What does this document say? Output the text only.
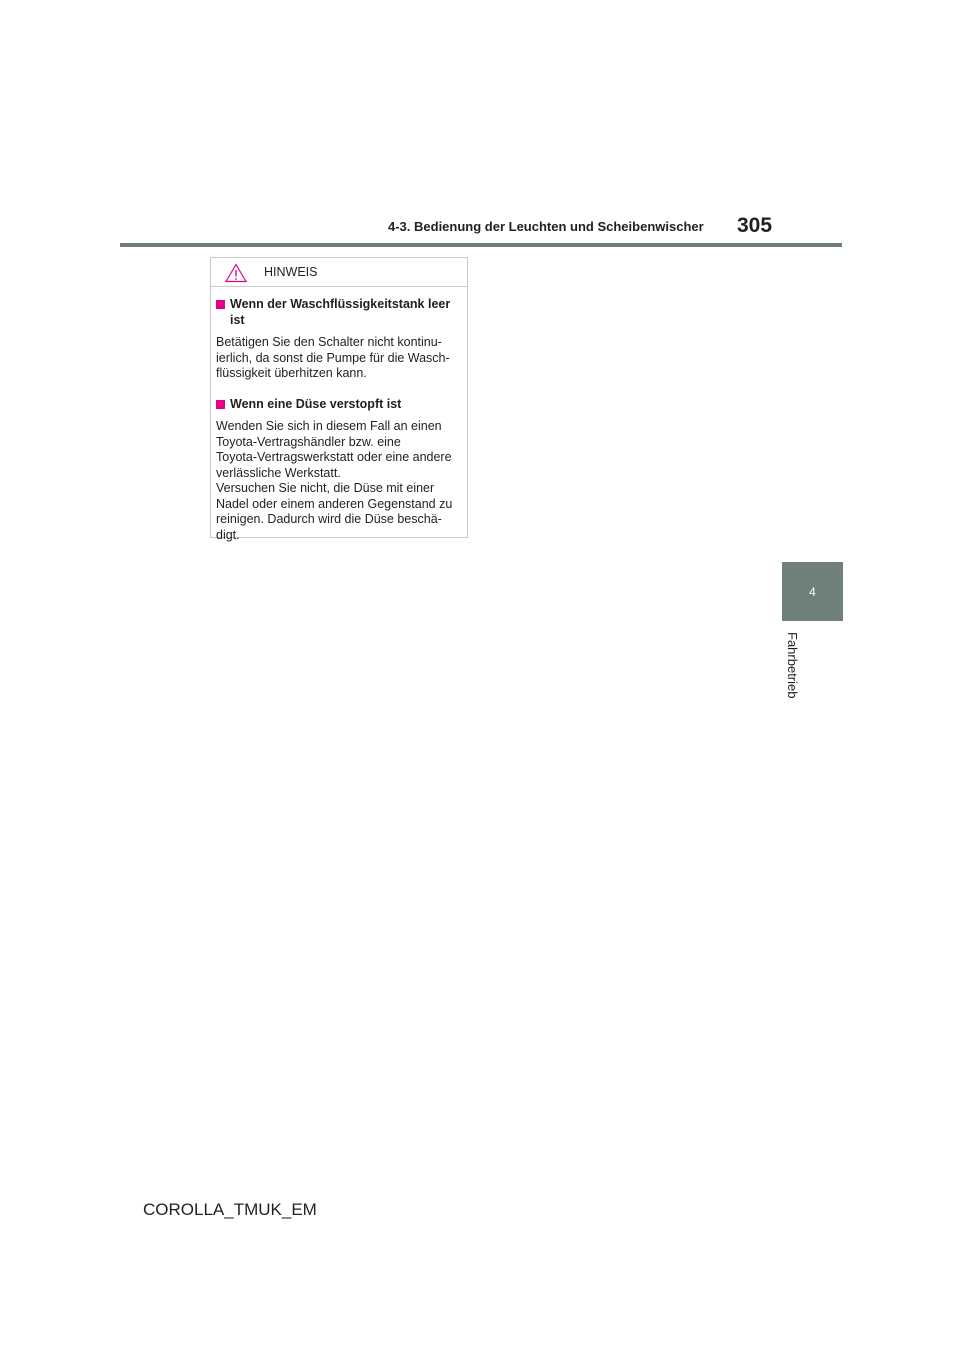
4-3. Bedienung der Leuchten und Scheibenwischer 305
4
Fahrbetrieb
HINWEIS
Wenn der Waschflüssigkeitstank leer ist
Betätigen Sie den Schalter nicht kontinu-
ierlich, da sonst die Pumpe für die Wasch-
flüssigkeit überhitzen kann.
Wenn eine Düse verstopft ist
Wenden Sie sich in diesem Fall an einen
Toyota-Vertragshändler bzw. eine
Toyota-Vertragswerkstatt oder eine andere
verlässliche Werkstatt.
Versuchen Sie nicht, die Düse mit einer
Nadel oder einem anderen Gegenstand zu
reinigen. Dadurch wird die Düse beschä-
digt.
COROLLA_TMUK_EM
